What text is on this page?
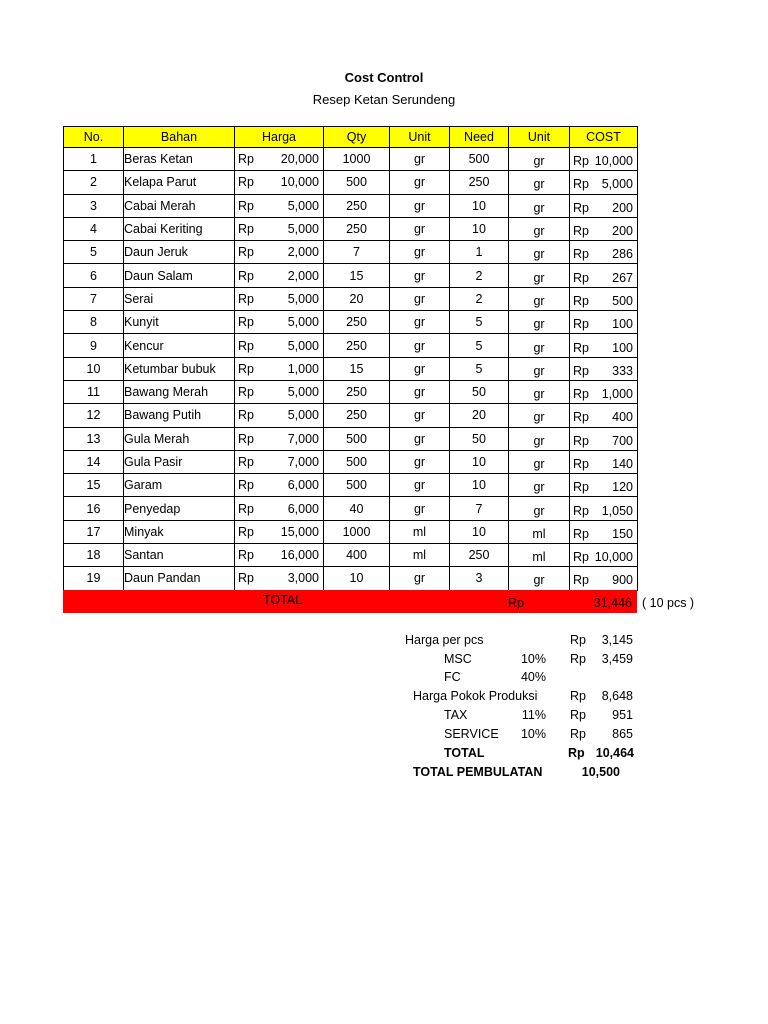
Cost Control
Resep Ketan Serundeng
No.	Bahan	Harga	Qty	Unit	Need	Unit	COST
1	Beras Ketan	Rp 20,000	1000	gr	500	gr	Rp 10,000

2	Kelapa Parut	Rp 10,000	500	gr	250	gr	Rp 5,000

3	Cabai Merah	Rp 5,000	250	gr	10	gr	Rp 200

4	Cabai Keriting	Rp 5,000	250	gr	10	gr	Rp 200

5	Daun Jeruk	Rp 2,000	7	gr	1	gr	Rp 286

6	Daun Salam	Rp 2,000	15	gr	2	gr	Rp 267

7	Serai	Rp 5,000	20	gr	2	gr	Rp 500

8	Kunyit	Rp 5,000	250	gr	5	gr	Rp 100

9	Kencur	Rp 5,000	250	gr	5	gr	Rp 100

10	Ketumbar bubuk	Rp 1,000	15	gr	5	gr	Rp 333

11	Bawang Merah	Rp 5,000	250	gr	50	gr	Rp 1,000

12	Bawang Putih	Rp 5,000	250	gr	20	gr	Rp 400

13	Gula Merah	Rp 7,000	500	gr	50	gr	Rp 700

14	Gula Pasir	Rp 7,000	500	gr	10	gr	Rp 140

15	Garam	Rp 6,000	500	gr	10	gr	Rp 120

16	Penyedap	Rp 6,000	40	gr	7	gr	Rp 1,050

17	Minyak	Rp 15,000	1000	ml	10	ml	Rp 150

18	Santan	Rp 16,000	400	ml	250	ml	Rp 10,000

19	Daun Pandan	Rp 3,000	10	gr	3	gr	Rp 900
TOTAL	Rp	31,446 ( 10 pcs )
Harga per pcs	Rp	3,145
MSC	10% Rp	3,459
FC	40%
Harga Pokok Produksi	Rp	8,648
TAX	11% Rp	951
SERVICE	10% Rp	865
TOTAL	Rp 10,464
TOTAL PEMBULATAN	10,500
